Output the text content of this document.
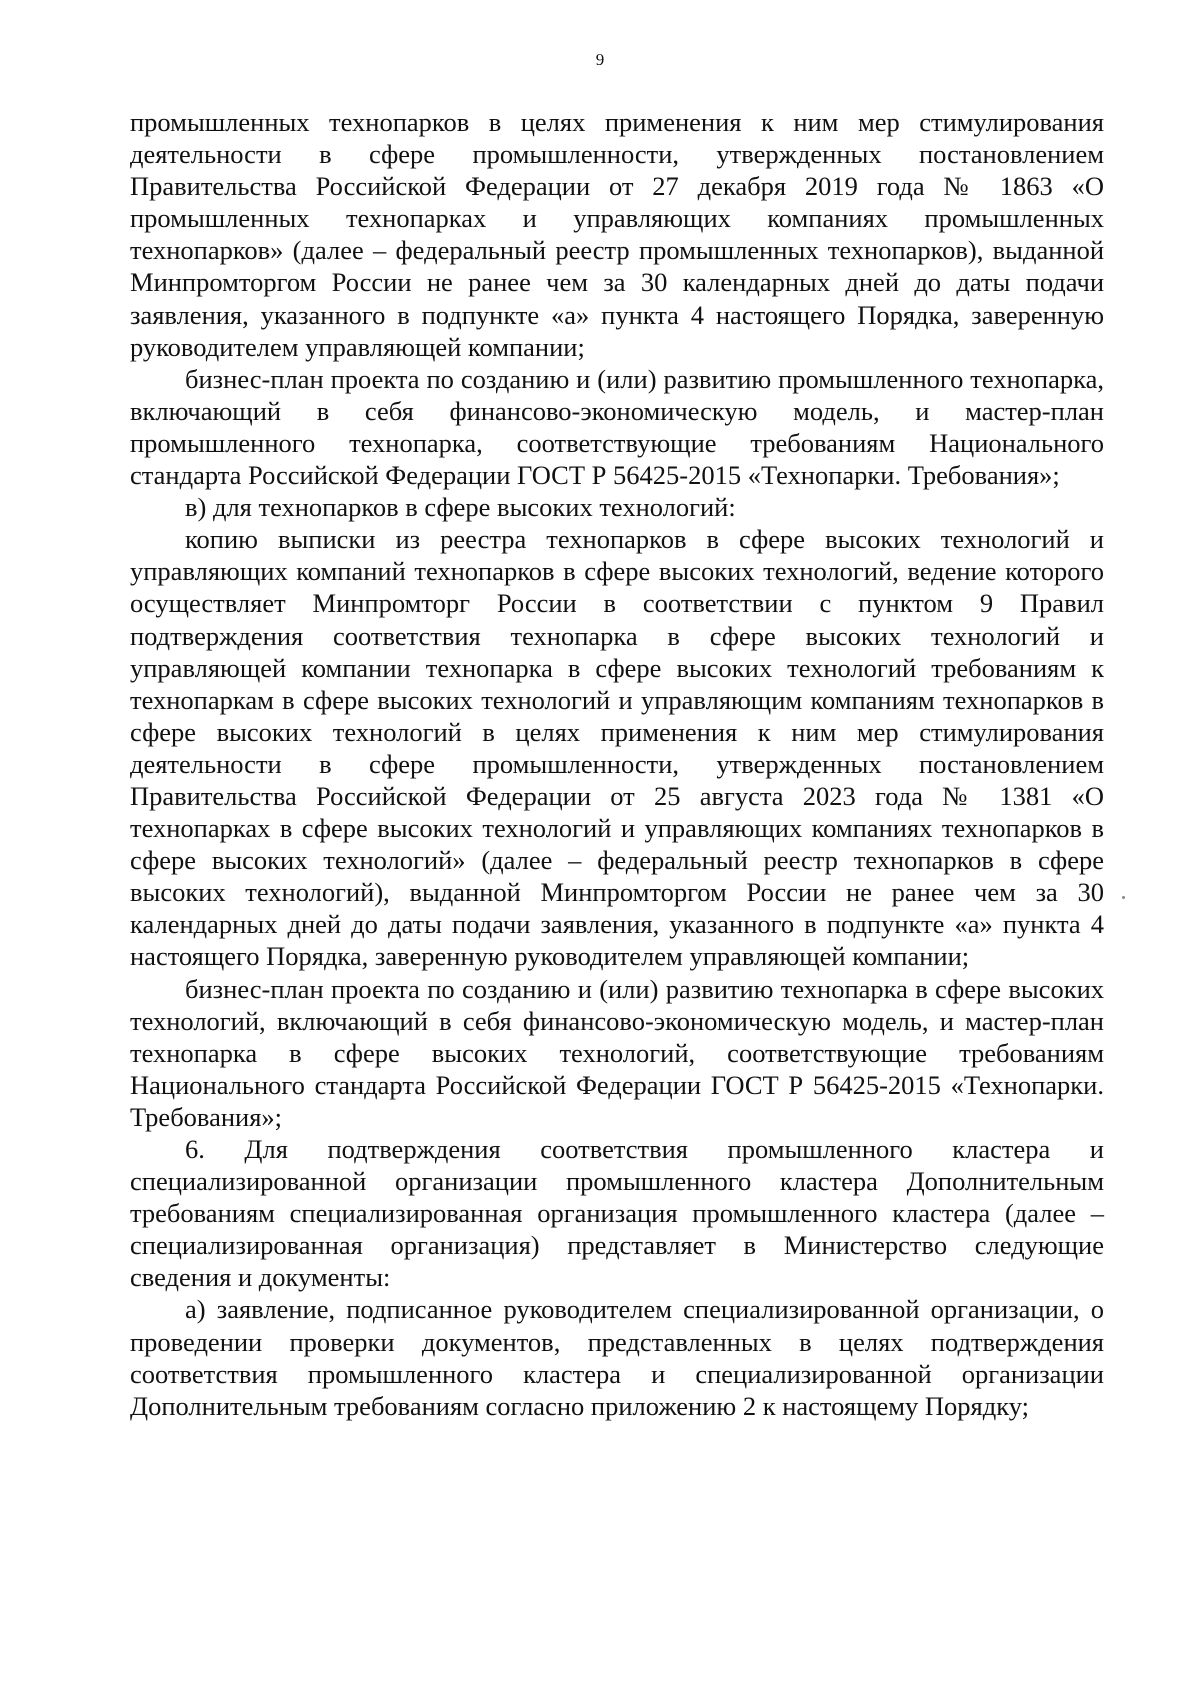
9

промышленных технопарков в целях применения к ним мер стимулирования деятельности в сфере промышленности, утвержденных постановлением Правительства Российской Федерации от 27 декабря 2019 года № 1863 «О промышленных технопарках и управляющих компаниях промышленных технопарков» (далее – федеральный реестр промышленных технопарков), выданной Минпромторгом России не ранее чем за 30 календарных дней до даты подачи заявления, указанного в подпункте «а» пункта 4 настоящего Порядка, заверенную руководителем управляющей компании;

бизнес-план проекта по созданию и (или) развитию промышленного технопарка, включающий в себя финансово-экономическую модель, и мастер-план промышленного технопарка, соответствующие требованиям Национального стандарта Российской Федерации ГОСТ Р 56425-2015 «Технопарки. Требования»;

в) для технопарков в сфере высоких технологий:

копию выписки из реестра технопарков в сфере высоких технологий и управляющих компаний технопарков в сфере высоких технологий, ведение которого осуществляет Минпромторг России в соответствии с пунктом 9 Правил подтверждения соответствия технопарка в сфере высоких технологий и управляющей компании технопарка в сфере высоких технологий требованиям к технопаркам в сфере высоких технологий и управляющим компаниям технопарков в сфере высоких технологий в целях применения к ним мер стимулирования деятельности в сфере промышленности, утвержденных постановлением Правительства Российской Федерации от 25 августа 2023 года № 1381 «О технопарках в сфере высоких технологий и управляющих компаниях технопарков в сфере высоких технологий» (далее – федеральный реестр технопарков в сфере высоких технологий), выданной Минпромторгом России не ранее чем за 30 календарных дней до даты подачи заявления, указанного в подпункте «а» пункта 4 настоящего Порядка, заверенную руководителем управляющей компании;

бизнес-план проекта по созданию и (или) развитию технопарка в сфере высоких технологий, включающий в себя финансово-экономическую модель, и мастер-план технопарка в сфере высоких технологий, соответствующие требованиям Национального стандарта Российской Федерации ГОСТ Р 56425-2015 «Технопарки. Требования»;

6. Для подтверждения соответствия промышленного кластера и специализированной организации промышленного кластера Дополнительным требованиям специализированная организация промышленного кластера (далее – специализированная организация) представляет в Министерство следующие сведения и документы:

а) заявление, подписанное руководителем специализированной организации, о проведении проверки документов, представленных в целях подтверждения соответствия промышленного кластера и специализированной организации Дополнительным требованиям согласно приложению 2 к настоящему Порядку;
